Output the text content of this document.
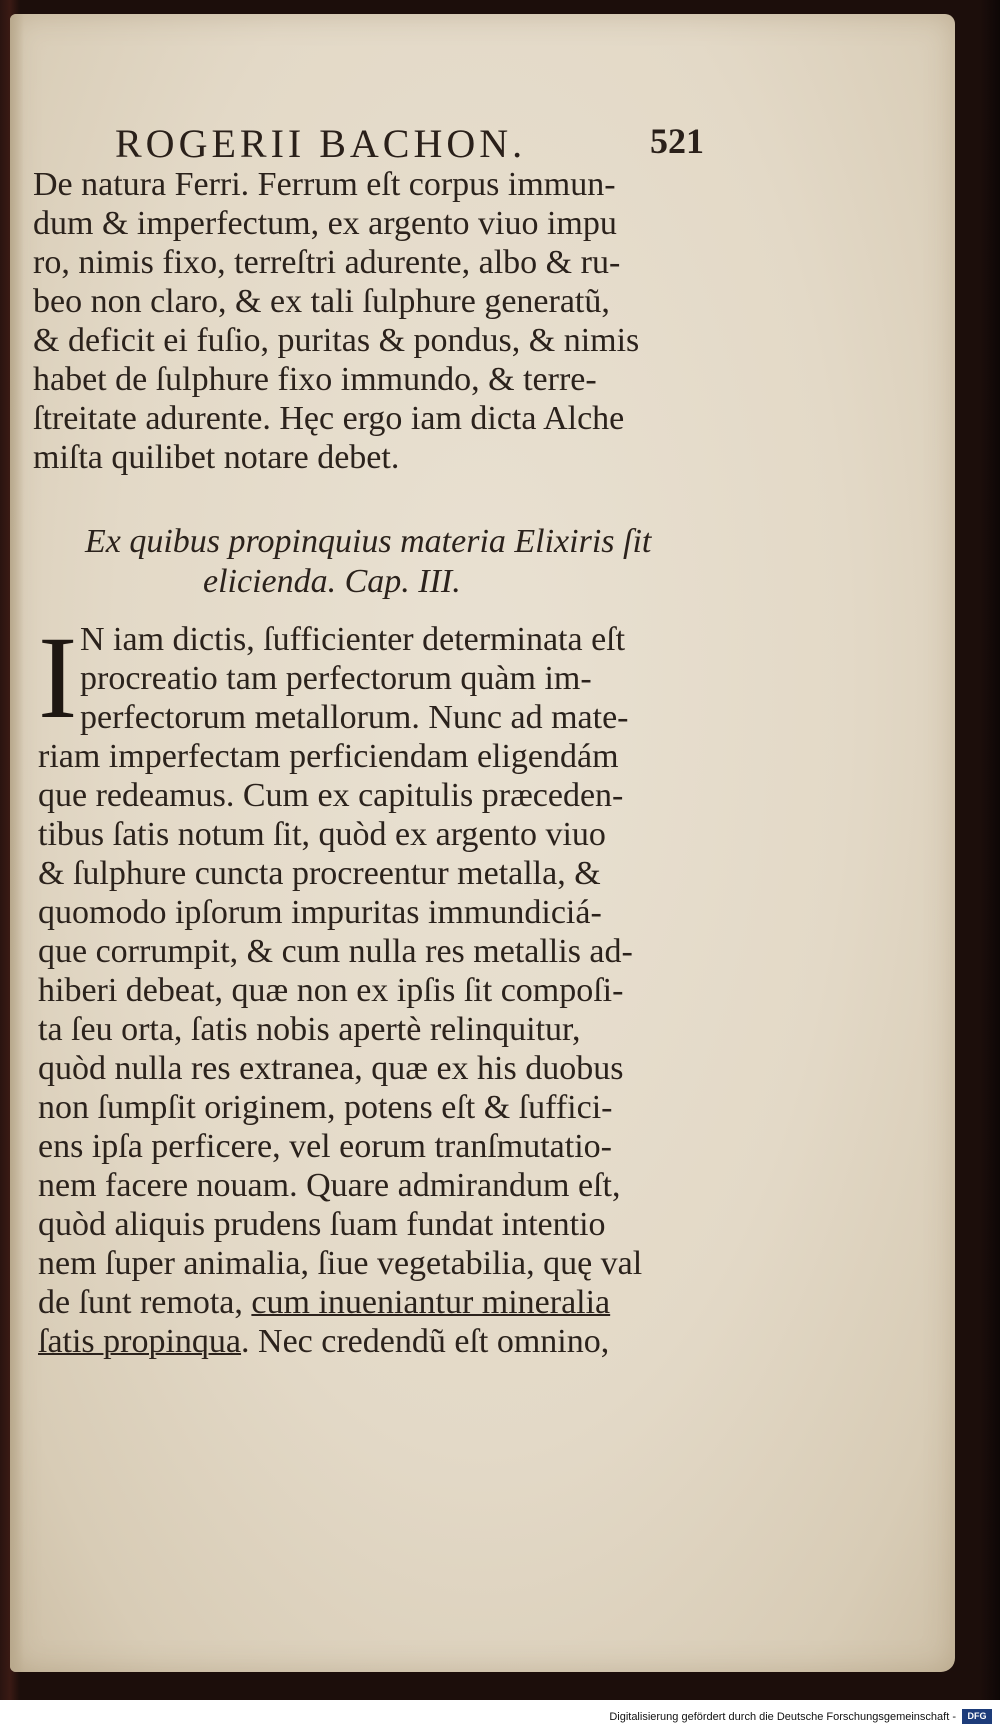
ROGERII BACHON.	521
De natura Ferri. Ferrum eſt corpus immun-
dum & imperfectum, ex argento viuo impu
ro, nimis fixo, terreſtri adurente, albo & ru-
beo non claro, & ex tali ſulphure generatũ,
& deficit ei fuſio, puritas & pondus, & nimis
habet de ſulphure fixo immundo, & terre-
ſtreitate adurente. Hęc ergo iam dicta Alche
miſta quilibet notare debet.
Ex quibus propinquius materia Elixiris ſit
elicienda. Cap. III.
I N iam dictis, ſufficienter determinata eſt
procreatio tam perfectorum quàm im-
perfectorum metallorum. Nunc ad mate-
riam imperfectam perficiendam eligendám
que redeamus. Cum ex capitulis præceden-
tibus ſatis notum ſit, quòd ex argento viuo
& ſulphure cuncta procreentur metalla, &
quomodo ipſorum impuritas immundiciá-
que corrumpit, & cum nulla res metallis ad-
hiberi debeat, quæ non ex ipſis ſit compoſi-
ta ſeu orta, ſatis nobis apertè relinquitur,
quòd nulla res extranea, quæ ex his duobus
non ſumpſit originem, potens eſt & ſuffici-
ens ipſa perficere, vel eorum tranſmutatio-
nem facere nouam. Quare admirandum eſt,
quòd aliquis prudens ſuam fundat intentio
nem ſuper animalia, ſiue vegetabilia, quę val
de ſunt remota, cum inueniantur mineralia
ſatis propinqua. Nec credendũ eſt omnino,
Digitalisierung gefördert durch die Deutsche Forschungsgemeinschaft -	DFG
